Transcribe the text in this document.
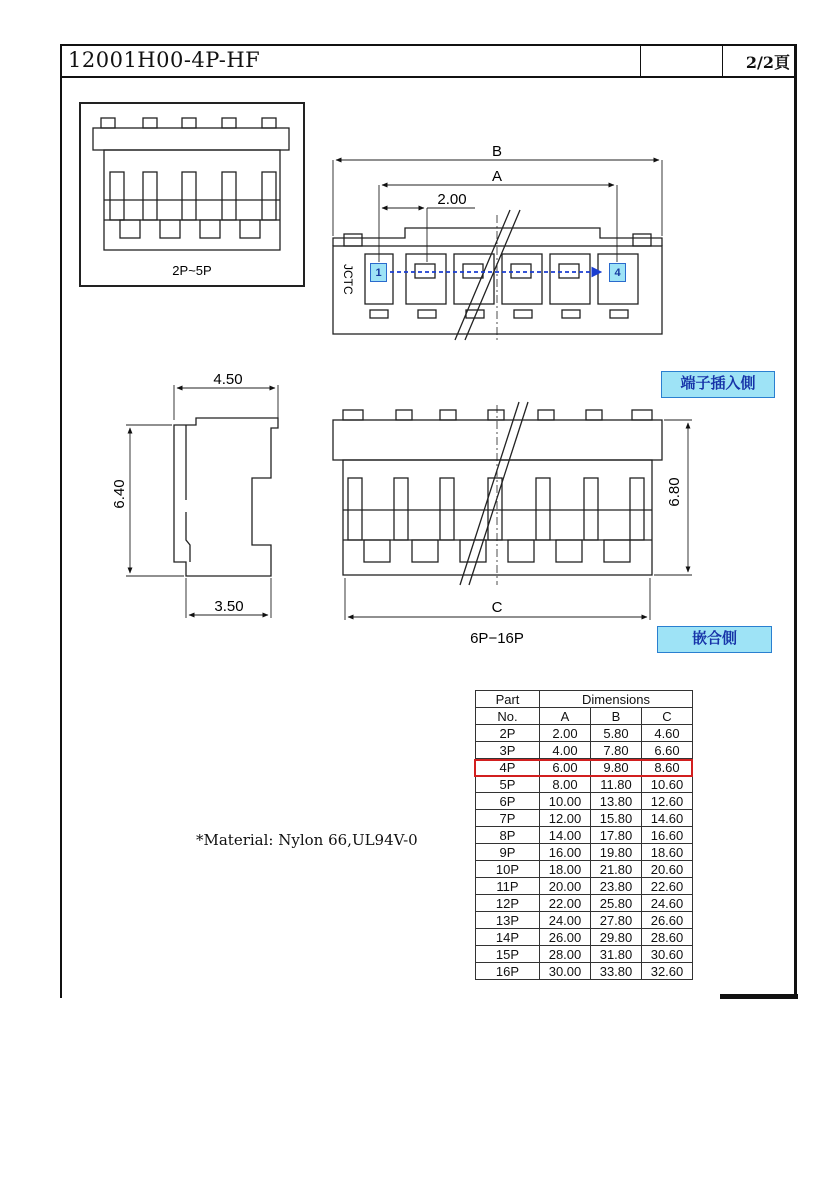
12001H00-4P-HF	2/2頁
B
A
2.00
JCTC
4.50
6.40
3.50
6.80
C
6P−16P
2P~5P	1	4
端子插入側
嵌合側
*Material: Nylon 66,UL94V-0
Part	Dimensions		
No.	A	B	C
2P	2.00	5.80	4.60
3P	4.00	7.80	6.60
4P	6.00	9.80	8.60
5P	8.00	11.80	10.60
6P	10.00	13.80	12.60
7P	12.00	15.80	14.60
8P	14.00	17.80	16.60
9P	16.00	19.80	18.60
10P	18.00	21.80	20.60
11P	20.00	23.80	22.60
12P	22.00	25.80	24.60
13P	24.00	27.80	26.60
14P	26.00	29.80	28.60
15P	28.00	31.80	30.60
16P	30.00	33.80	32.60
